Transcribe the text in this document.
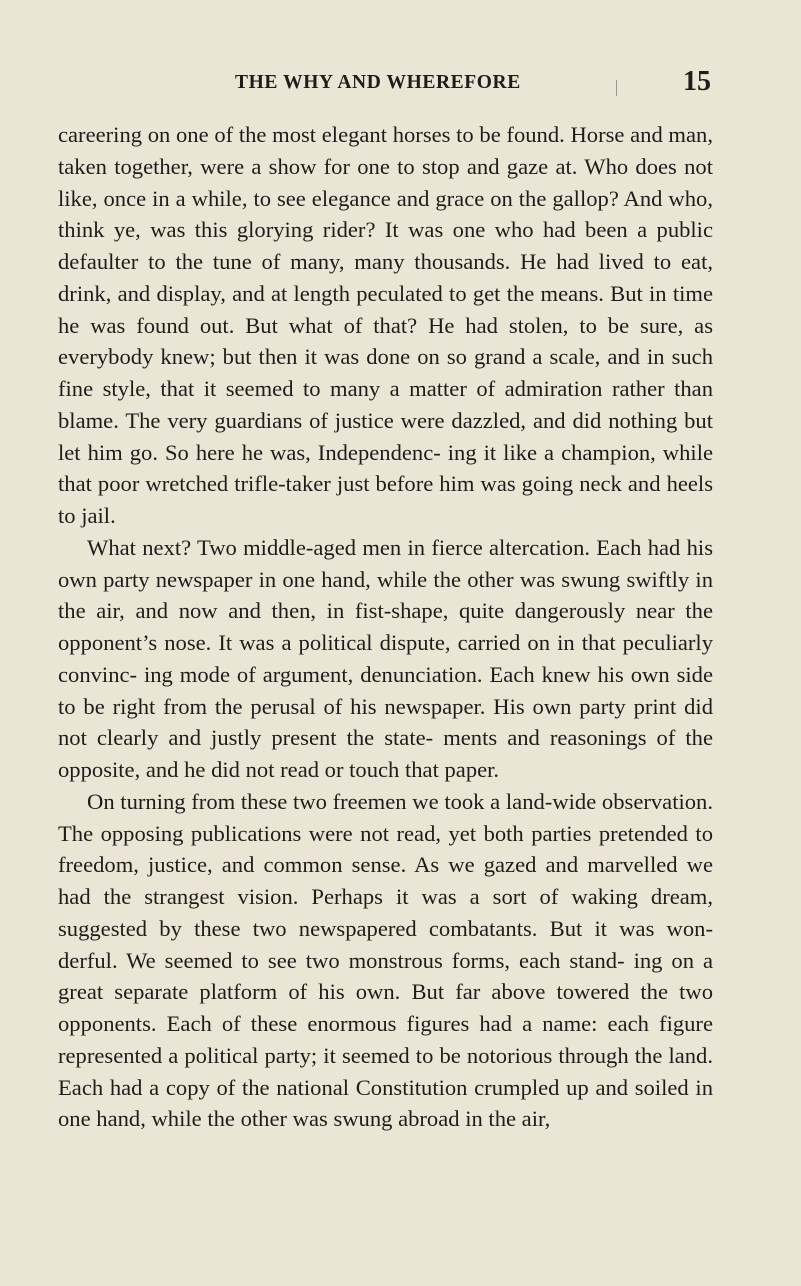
THE WHY AND WHEREFORE	15

careering on one of the most elegant horses to be found. Horse and man, taken together, were a show for one to stop and gaze at. Who does not like, once in a while, to see elegance and grace on the gallop? And who, think ye, was this glorying rider? It was one who had been a public defaulter to the tune of many, many thousands. He had lived to eat, drink, and display, and at length peculated to get the means. But in time he was found out. But what of that? He had stolen, to be sure, as everybody knew; but then it was done on so grand a scale, and in such fine style, that it seemed to many a matter of admiration rather than blame. The very guardians of justice were dazzled, and did nothing but let him go. So here he was, Independenc- ing it like a champion, while that poor wretched trifle-taker just before him was going neck and heels to jail.

What next? Two middle-aged men in fierce altercation. Each had his own party newspaper in one hand, while the other was swung swiftly in the air, and now and then, in fist-shape, quite dangerously near the opponent’s nose. It was a political dispute, carried on in that peculiarly convinc- ing mode of argument, denunciation. Each knew his own side to be right from the perusal of his newspaper. His own party print did not clearly and justly present the state- ments and reasonings of the opposite, and he did not read or touch that paper.

On turning from these two freemen we took a land-wide observation. The opposing publications were not read, yet both parties pretended to freedom, justice, and common sense. As we gazed and marvelled we had the strangest vision. Perhaps it was a sort of waking dream, suggested by these two newspapered combatants. But it was won- derful. We seemed to see two monstrous forms, each stand- ing on a great separate platform of his own. But far above towered the two opponents. Each of these enormous figures had a name: each figure represented a political party; it seemed to be notorious through the land. Each had a copy of the national Constitution crumpled up and soiled in one hand, while the other was swung abroad in the air,
